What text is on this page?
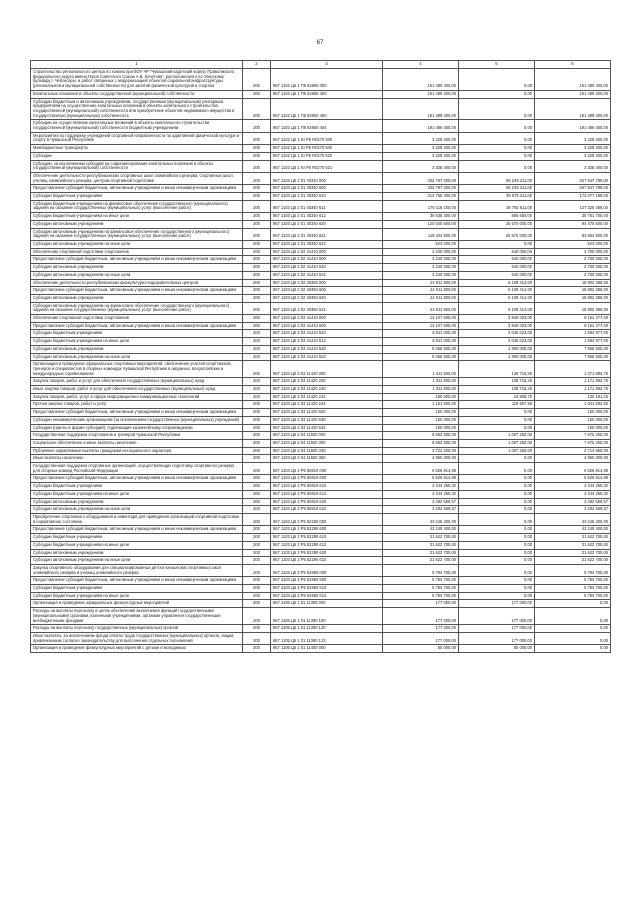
67
1	2	3	4	5	6
Строительство регионального центра по хоккею при БОУ ЧР "Чувашский кадетский корпус Приволжского федерального округа имени Героя Советского Союза А.В. Кочетова", расположенного по Эгерскому бульвару г. Чебоксары, и работ связанных с модернизацией объектов социальной инфраструктуры (региональной и муниципальной собственности) для занятий физической культурой и спортом	200	867 1102 Ц5 1 П5 54950 000	191 489 400,00	0,00	191 489 400,00
Капитальные вложения в объекты государственной (муниципальной) собственности	200	867 1102 Ц5 1 П5 54950 400	191 489 400,00	0,00	191 489 400,00
Субсидии бюджетным и автономным учреждениям, государственным (муниципальным) унитарным предприятиям на осуществление капитальных вложений в объекты капитального строительства государственной (муниципальной) собственности или приобретение объектов недвижимого имущества в государственную (муниципальную) собственность	200	867 1102 Ц5 1 П5 54950 460	191 489 400,00	0,00	191 489 400,00
Субсидии на осуществление капитальных вложений в объекты капитального строительства государственной (муниципальной) собственности бюджетным учреждениям	200	867 1102 Ц5 1 П5 54950 464	191 489 400,00	0,00	191 489 400,00
Мероприятия по поддержке учреждений спортивной направленности по адаптивной физической культуре и спорту в Чувашской Республике	200	867 1102 Ц5 1 Ю Р5 R0270 000	3 328 400,00	0,00	3 328 400,00
Межбюджетные трансферты	200	867 1102 Ц5 1 Ю Р5 R0270 500	3 328 400,00	0,00	3 328 400,00
Субсидии	200	867 1102 Ц5 1 Ю Р5 R0270 520	3 328 400,00	0,00	3 328 400,00
Субсидии, за исключением субсидий на софинансирование капитальных вложений в объекты государственной (муниципальной) собственности	200	867 1102 Ц5 1 Ю Р5 R0270 521	3 328 400,00	0,00	3 328 400,00
Обеспечение деятельности республиканских спортивных школ олимпийского резерва, спортивных школ, училищ олимпийского резерва, центров спортивной подготовки	200	867 1103 Ц5 2 01 40340 000	332 797 000,00	65 249 211,00	267 547 789,00
Предоставление субсидий бюджетным, автономным учреждениям и иным некоммерческим организациям	200	867 1103 Ц5 2 01 40340 600	332 797 000,00	65 249 211,00	267 547 789,00
Субсидии бюджетным учреждениям	200	867 1103 Ц5 2 01 40340 610	212 756 400,00	39 679 211,00	173 077 189,00
Субсидии бюджетным учреждениям на финансовое обеспечение государственного (муниципального) задания на оказание государственных (муниципальных) услуг (выполнение работ)	200	867 1103 Ц5 2 01 40340 611	176 118 100,00	38 792 611,00	137 325 489,00
Субсидии бюджетным учреждениям на иные цели	200	867 1103 Ц5 2 01 40340 612	36 638 300,00	886 600,00	35 751 700,00
Субсидии автономным учреждениям	200	867 1103 Ц5 2 01 40340 620	120 040 600,00	25 570 000,00	94 470 600,00
Субсидии автономным учреждениям на финансовое обеспечение государственного (муниципального) задания на оказание государственных (муниципальных) услуг (выполнение работ)	200	867 1103 Ц5 2 01 40340 621	119 422 600,00	25 570 000,00	93 852 600,00
Субсидии автономным учреждениям на иные цели	200	867 1103 Ц5 2 01 40340 622	624 000,00	0,00	624 000,00
Обеспечение спортивной подготовки спортсменов	200	867 1103 Ц5 2 02 41410 000	3 240 000,00	540 000,00	2 700 000,00
Предоставление субсидий бюджетным, автономным учреждениям и иным некоммерческим организациям	200	867 1103 Ц5 2 02 41410 600	3 240 000,00	540 000,00	2 700 000,00
Субсидии автономным учреждениям	200	867 1103 Ц5 2 02 41410 620	3 240 000,00	540 000,00	2 700 000,00
Субсидии автономным учреждениям на иные цели	200	867 1103 Ц5 2 02 41410 622	3 240 000,00	540 000,00	2 700 000,00
Обеспечение деятельности республиканских физкультурно-оздоровительных центров	200	867 1103 Ц5 2 02 40360 000	24 911 800,00	6 109 414,00	18 802 386,00
Предоставление субсидий бюджетным, автономным учреждениям и иным некоммерческим организациям	200	867 1103 Ц5 2 02 40360 600	24 911 800,00	6 109 414,00	18 802 386,00
Субсидии автономным учреждениям	200	867 1103 Ц5 2 02 40360 620	24 911 800,00	6 109 414,00	18 802 386,00
Субсидии автономным учреждениям на финансовое обеспечение государственного (муниципального) задания на оказание государственных (муниципальных) услуг (выполнение работ)	200	867 1103 Ц5 2 02 40360 621	24 911 800,00	6 109 414,00	18 802 386,00
Обеспечение спортивной подготовки спортсменов	200	867 1103 Ц5 2 03 41410 000	13 107 500,00	3 946 023,00	9 161 477,00
Предоставление субсидий бюджетным, автономным учреждениям и иным некоммерческим организациям	200	867 1103 Ц5 2 03 41410 600	13 107 500,00	3 946 023,00	9 161 477,00
Субсидии бюджетным учреждениям	200	867 1103 Ц5 2 03 41410 610	3 641 000,00	2 046 023,00	1 594 977,00
Субсидии бюджетным учреждениям на иные цели	200	867 1103 Ц5 2 03 41410 612	3 641 000,00	2 046 023,00	1 594 977,00
Субсидии автономным учреждениям	200	867 1103 Ц5 2 03 41410 620	9 466 500,00	1 900 000,00	7 566 500,00
Субсидии автономным учреждениям на иные цели	200	867 1103 Ц5 2 03 41410 622	9 466 500,00	1 900 000,00	7 566 500,00
Организация и проведение официальных спортивных мероприятий, обеспечение участия спортсменов, тренеров и специалистов в сборных командах Чувашской Республики в окружных, всероссийских и международных соревнованиях	200	867 1103 Ц5 2 03 11420 000	1 411 600,00	139 716,25	1 271 883,75
Закупка товаров, работ и услуг для обеспечения государственных (муниципальных) нужд	200	867 1103 Ц5 2 03 11420 200	1 311 600,00	139 716,25	1 171 883,75
Иные закупки товаров, работ и услуг для обеспечения государственных (муниципальных) нужд	200	867 1103 Ц5 2 03 11420 240	1 311 600,00	139 716,25	1 171 883,75
Закупка товаров, работ, услуг в сфере информационно-коммуникационных технологий	200	867 1103 Ц5 2 03 11420 242	150 000,00	19 808,75	130 191,25
Прочая закупка товаров, работ и услуг	200	867 1103 Ц5 2 03 11420 244	1 161 600,00	119 907,50	1 041 692,50
Предоставление субсидий бюджетным, автономным учреждениям и иным некоммерческим организациям	200	867 1103 Ц5 2 03 11420 600	100 000,00	0,00	100 000,00
Субсидии некоммерческим организациям (за исключением государственных (муниципальных) учреждений)	200	867 1103 Ц5 2 03 11420 630	100 000,00	0,00	100 000,00
Субсидии (гранты в форме субсидий), подлежащие казначейскому сопровождению	200	867 1103 Ц5 2 03 11420 632	100 000,00	0,00	100 000,00
Государственная поддержка спортсменов и тренеров Чувашской Республики	200	867 1103 Ц5 2 04 11500 000	8 682 500,00	1 007 250,00	7 675 250,00
Социальное обеспечение и иные выплаты населению	200	867 1103 Ц5 2 04 11500 300	8 682 500,00	1 007 250,00	7 675 250,00
Публичные нормативные выплаты гражданам несоциального характера	200	867 1103 Ц5 2 04 11500 330	3 722 200,00	1 007 250,00	2 714 950,00
Иные выплаты населению	200	867 1103 Ц5 2 04 11500 360	4 960 300,00	0,00	4 960 300,00
Государственная поддержка спортивных организаций, осуществляющих подготовку спортивного резерва для сборных команд Российской Федерации	200	867 1103 Ц5 2 Р5 50810 000	6 626 814,89	0,00	6 626 814,89
Предоставление субсидий бюджетным, автономным учреждениям и иным некоммерческим организациям	200	867 1103 Ц5 2 Р5 50810 600	6 626 814,89	0,00	6 626 814,89
Субсидии бюджетным учреждениям	200	867 1103 Ц5 2 Р5 50810 610	3 344 255,32	0,00	3 344 255,32
Субсидии бюджетным учреждениям на иные цели	200	867 1103 Ц5 2 Р5 50810 612	3 344 255,32	0,00	3 344 255,32
Субсидии автономным учреждениям	200	867 1103 Ц5 2 Р5 50810 620	3 282 559,57	0,00	3 282 559,57
Субсидии автономным учреждениям на иные цели	200	867 1103 Ц5 2 Р5 50810 622	3 282 559,57	0,00	3 282 559,57
Приобретение спортивного оборудования и инвентаря для приведения организаций спортивной подготовки в нормативное состояние	200	867 1103 Ц5 2 Р5 52290 000	43 245 400,00	0,00	43 245 400,00
Предоставление субсидий бюджетным, автономным учреждениям и иным некоммерческим организациям	200	867 1103 Ц5 2 Р5 52290 600	43 245 400,00	0,00	43 245 400,00
Субсидии бюджетным учреждениям	200	867 1103 Ц5 2 Р5 52290 610	21 622 700,00	0,00	21 622 700,00
Субсидии бюджетным учреждениям на иные цели	200	867 1103 Ц5 2 Р5 52290 612	21 622 700,00	0,00	21 622 700,00
Субсидии автономным учреждениям	200	867 1103 Ц5 2 Р5 52290 620	21 622 700,00	0,00	21 622 700,00
Субсидии автономным учреждениям на иные цели	200	867 1103 Ц5 2 Р5 52290 622	21 622 700,00	0,00	21 622 700,00
Закупка спортивного оборудования для специализированных детско-юношеских спортивных школ олимпийского резерва и училищ олимпийского резерва	200	867 1103 Ц5 2 Р5 54950 000	5 794 700,00	0,00	5 794 700,00
Предоставление субсидий бюджетным, автономным учреждениям и иным некоммерческим организациям	200	867 1103 Ц5 2 Р5 54950 600	5 794 700,00	0,00	5 794 700,00
Субсидии бюджетным учреждениям	200	867 1103 Ц5 2 Р5 54950 610	5 794 700,00	0,00	5 794 700,00
Субсидии бюджетным учреждениям на иные цели	200	867 1103 Ц5 2 Р5 54950 612	5 794 700,00	0,00	5 794 700,00
Организация и проведение официальных физкультурных мероприятий	200	867 1105 Ц5 1 01 11390 000	177 000,00	177 000,00	0,00
Расходы на выплаты персоналу в целях обеспечения выполнения функций государственными (муниципальными) органами, казенными учреждениями, органами управления государственными внебюджетными фондами	200	867 1105 Ц5 1 01 11390 100	177 000,00	177 000,00	0,00
Расходы на выплаты персоналу государственных (муниципальных) органов	200	867 1105 Ц5 1 01 11390 120	177 000,00	177 000,00	0,00
Иные выплаты, за исключением фонда оплаты труда государственных (муниципальных) органов, лицам, привлекаемым согласно законодательству для выполнения отдельных полномочий	200	867 1105 Ц5 1 01 11390 123	177 000,00	177 000,00	0,00
Организация и проведение физкультурных мероприятий с детьми и молодежью	200	867 1105 Ц5 1 01 11400 000	50 000,00	50 000,00	0,00
